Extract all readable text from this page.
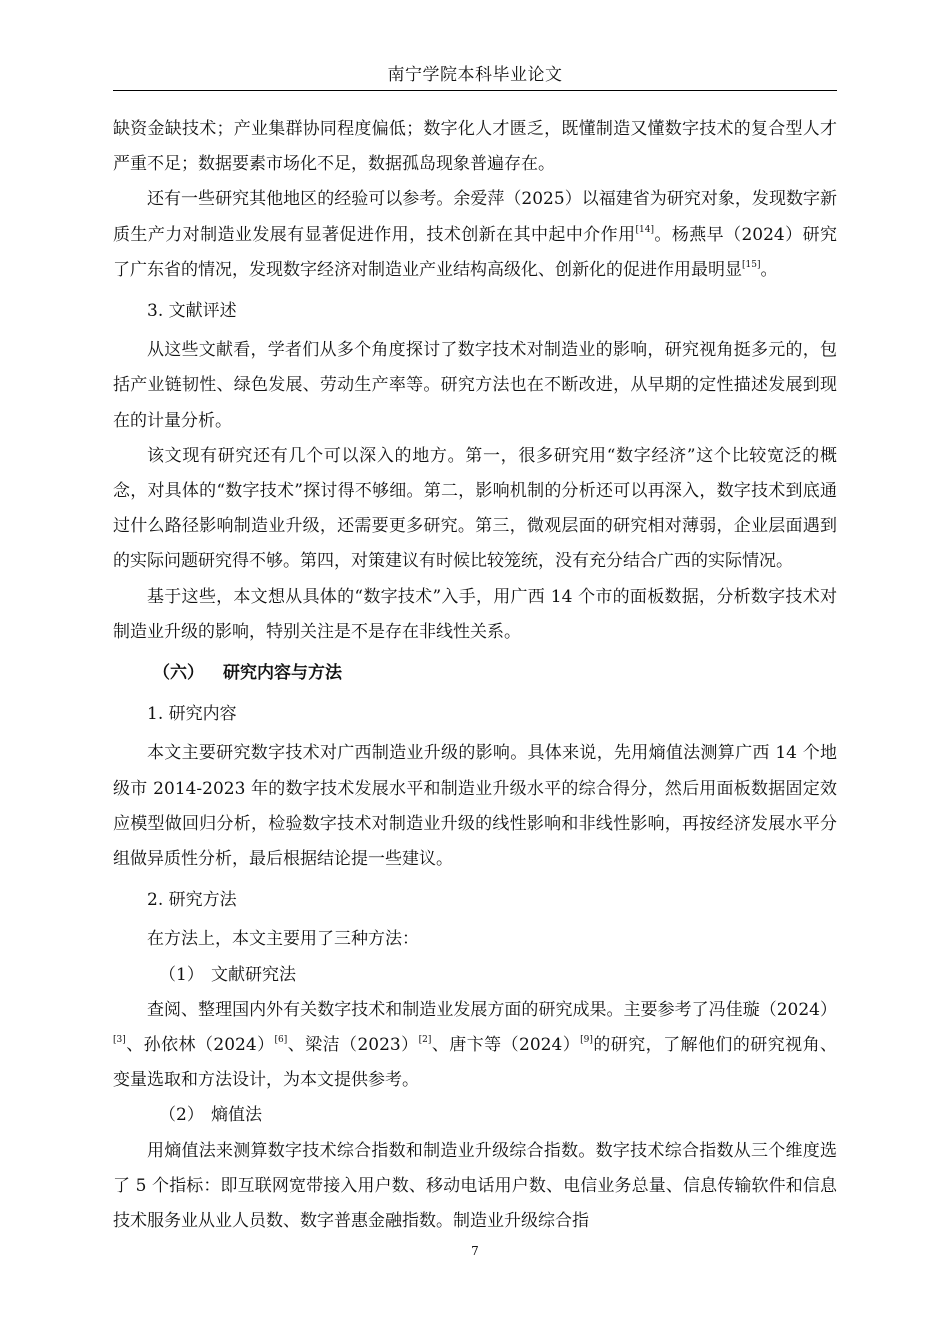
南宁学院本科毕业论文

缺资金缺技术；产业集群协同程度偏低；数字化人才匮乏，既懂制造又懂数字技术的复合型人才严重不足；数据要素市场化不足，数据孤岛现象普遍存在。

还有一些研究其他地区的经验可以参考。余爱萍（2025）以福建省为研究对象，发现数字新质生产力对制造业发展有显著促进作用，技术创新在其中起中介作用[14]。杨燕早（2024）研究了广东省的情况，发现数字经济对制造业产业结构高级化、创新化的促进作用最明显[15]。

3. 文献评述

从这些文献看，学者们从多个角度探讨了数字技术对制造业的影响，研究视角挺多元的，包括产业链韧性、绿色发展、劳动生产率等。研究方法也在不断改进，从早期的定性描述发展到现在的计量分析。

该文现有研究还有几个可以深入的地方。第一，很多研究用“数字经济”这个比较宽泛的概念，对具体的“数字技术”探讨得不够细。第二，影响机制的分析还可以再深入，数字技术到底通过什么路径影响制造业升级，还需要更多研究。第三，微观层面的研究相对薄弱，企业层面遇到的实际问题研究得不够。第四，对策建议有时候比较笼统，没有充分结合广西的实际情况。

基于这些，本文想从具体的“数字技术”入手，用广西 14 个市的面板数据，分析数字技术对制造业升级的影响，特别关注是不是存在非线性关系。

（六） 研究内容与方法

1. 研究内容

本文主要研究数字技术对广西制造业升级的影响。具体来说，先用熵值法测算广西 14 个地级市 2014-2023 年的数字技术发展水平和制造业升级水平的综合得分，然后用面板数据固定效应模型做回归分析，检验数字技术对制造业升级的线性影响和非线性影响，再按经济发展水平分组做异质性分析，最后根据结论提一些建议。

2. 研究方法

在方法上，本文主要用了三种方法：

（1） 文献研究法

查阅、整理国内外有关数字技术和制造业发展方面的研究成果。主要参考了冯佳璇（2024）[3]、孙依林（2024）[6]、梁洁（2023）[2]、唐卞等（2024）[9]的研究，了解他们的研究视角、变量选取和方法设计，为本文提供参考。

（2） 熵值法

用熵值法来测算数字技术综合指数和制造业升级综合指数。数字技术综合指数从三个维度选了 5 个指标：即互联网宽带接入用户数、移动电话用户数、电信业务总量、信息传输软件和信息技术服务业从业人员数、数字普惠金融指数。制造业升级综合指

7
